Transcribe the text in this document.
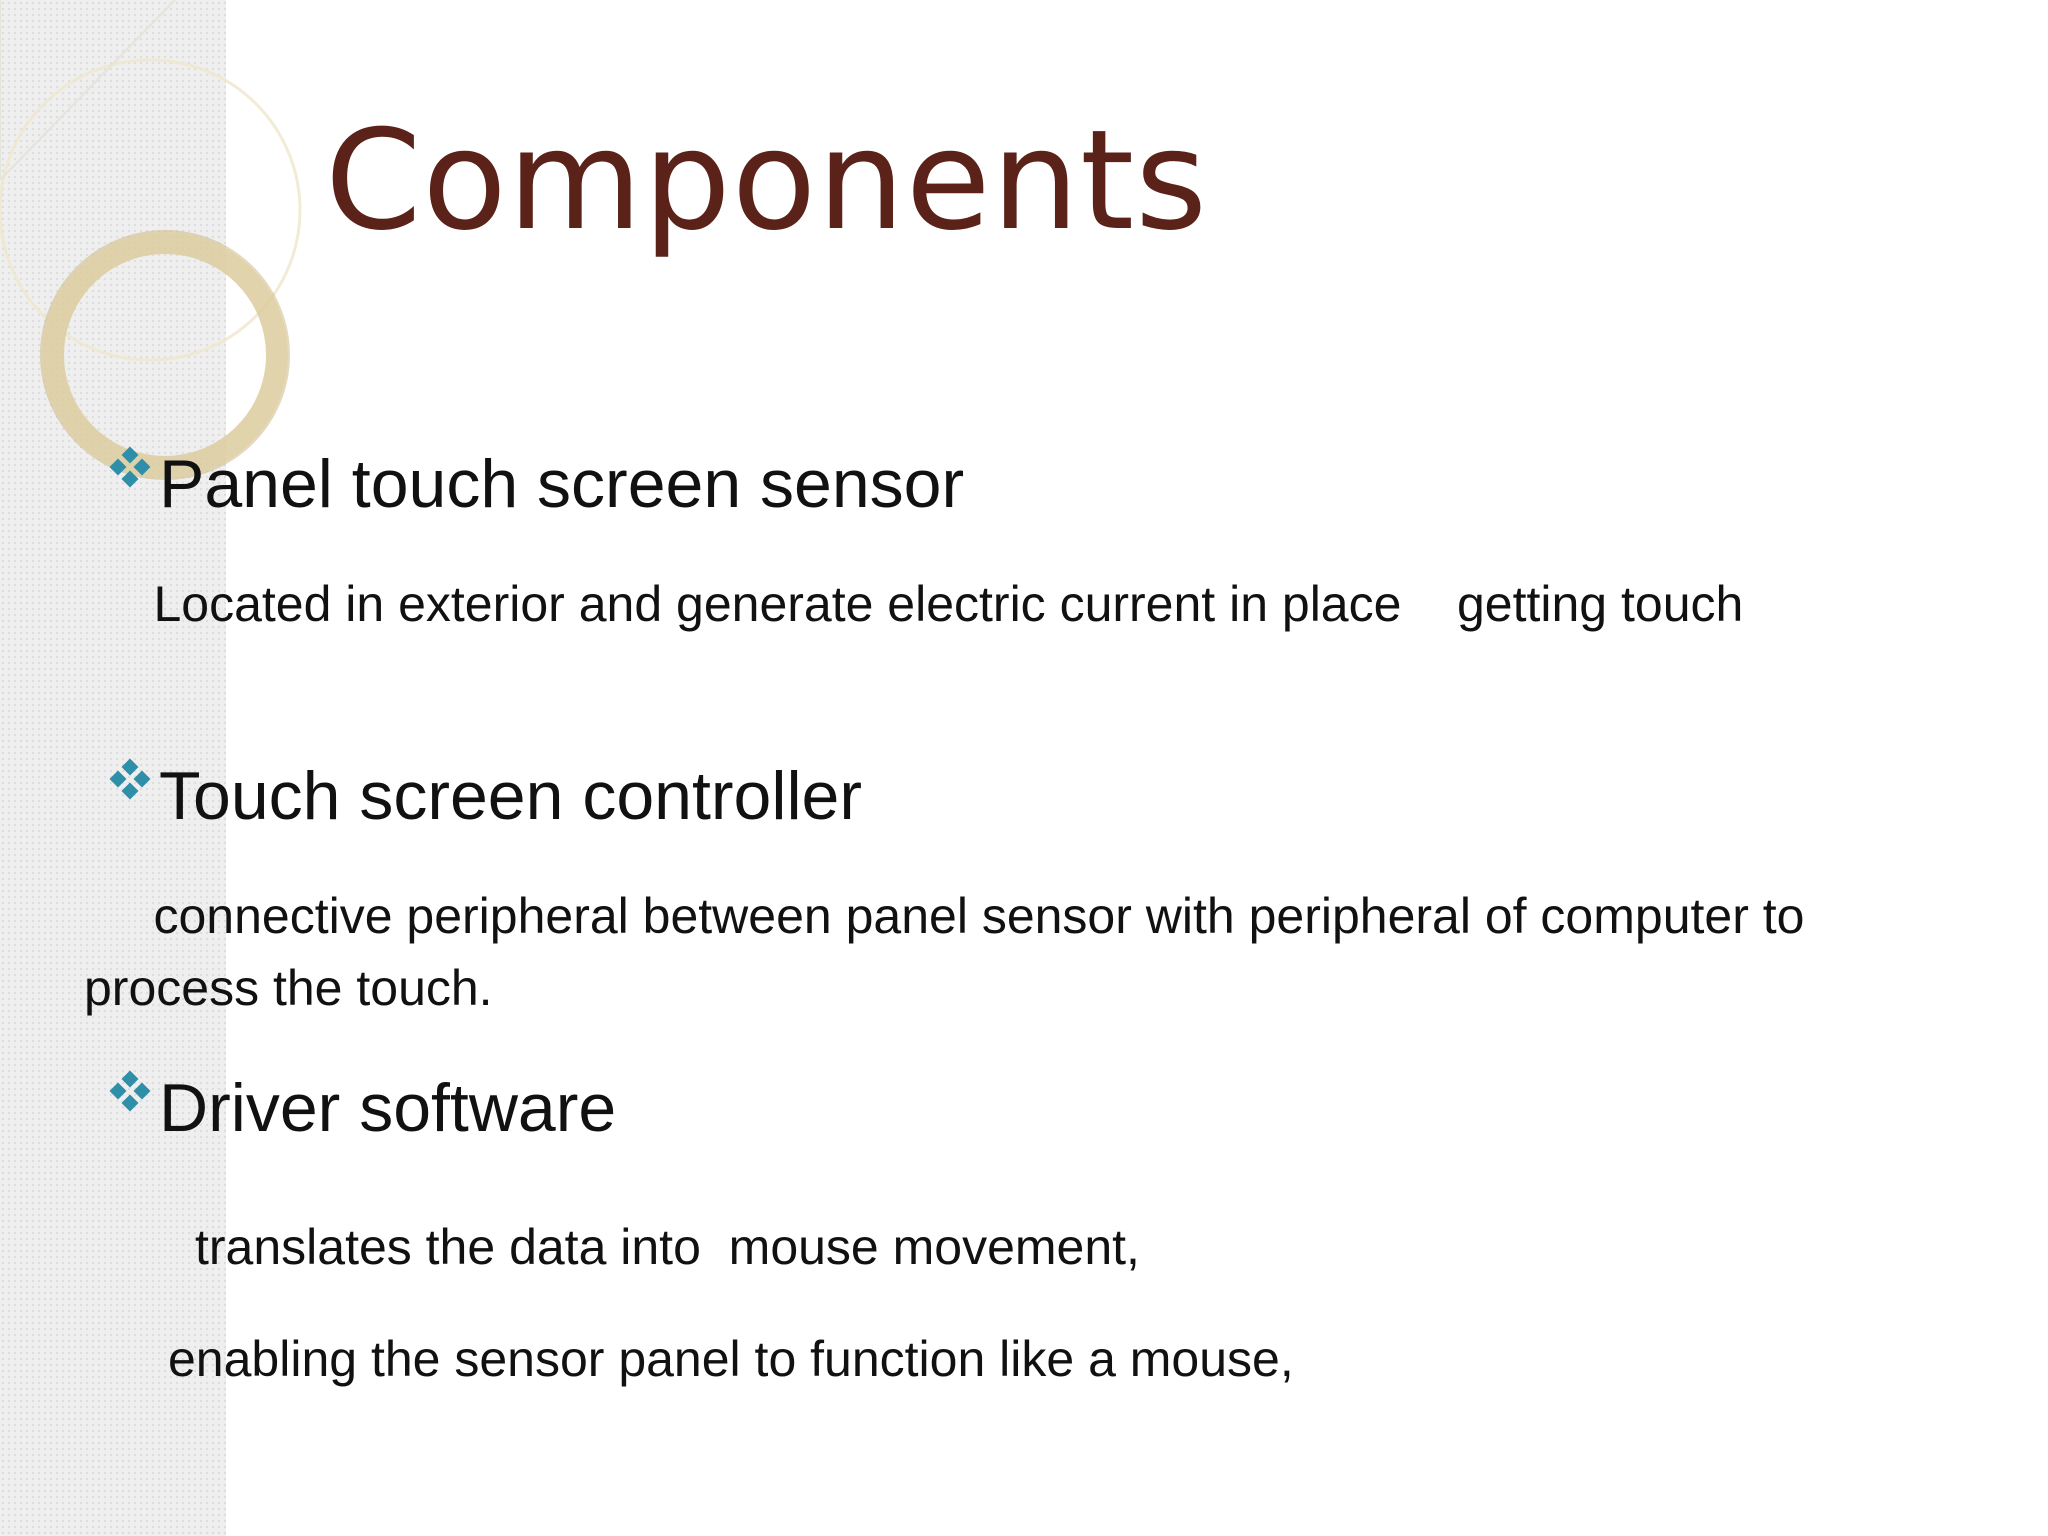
Components
Panel touch screen sensor

Located in exterior and generate electric current in place    getting touch

Touch screen controller

connective peripheral between panel sensor with peripheral of computer to process the touch.

Driver software
translates the data into  mouse movement,
enabling the sensor panel to function like a mouse,
